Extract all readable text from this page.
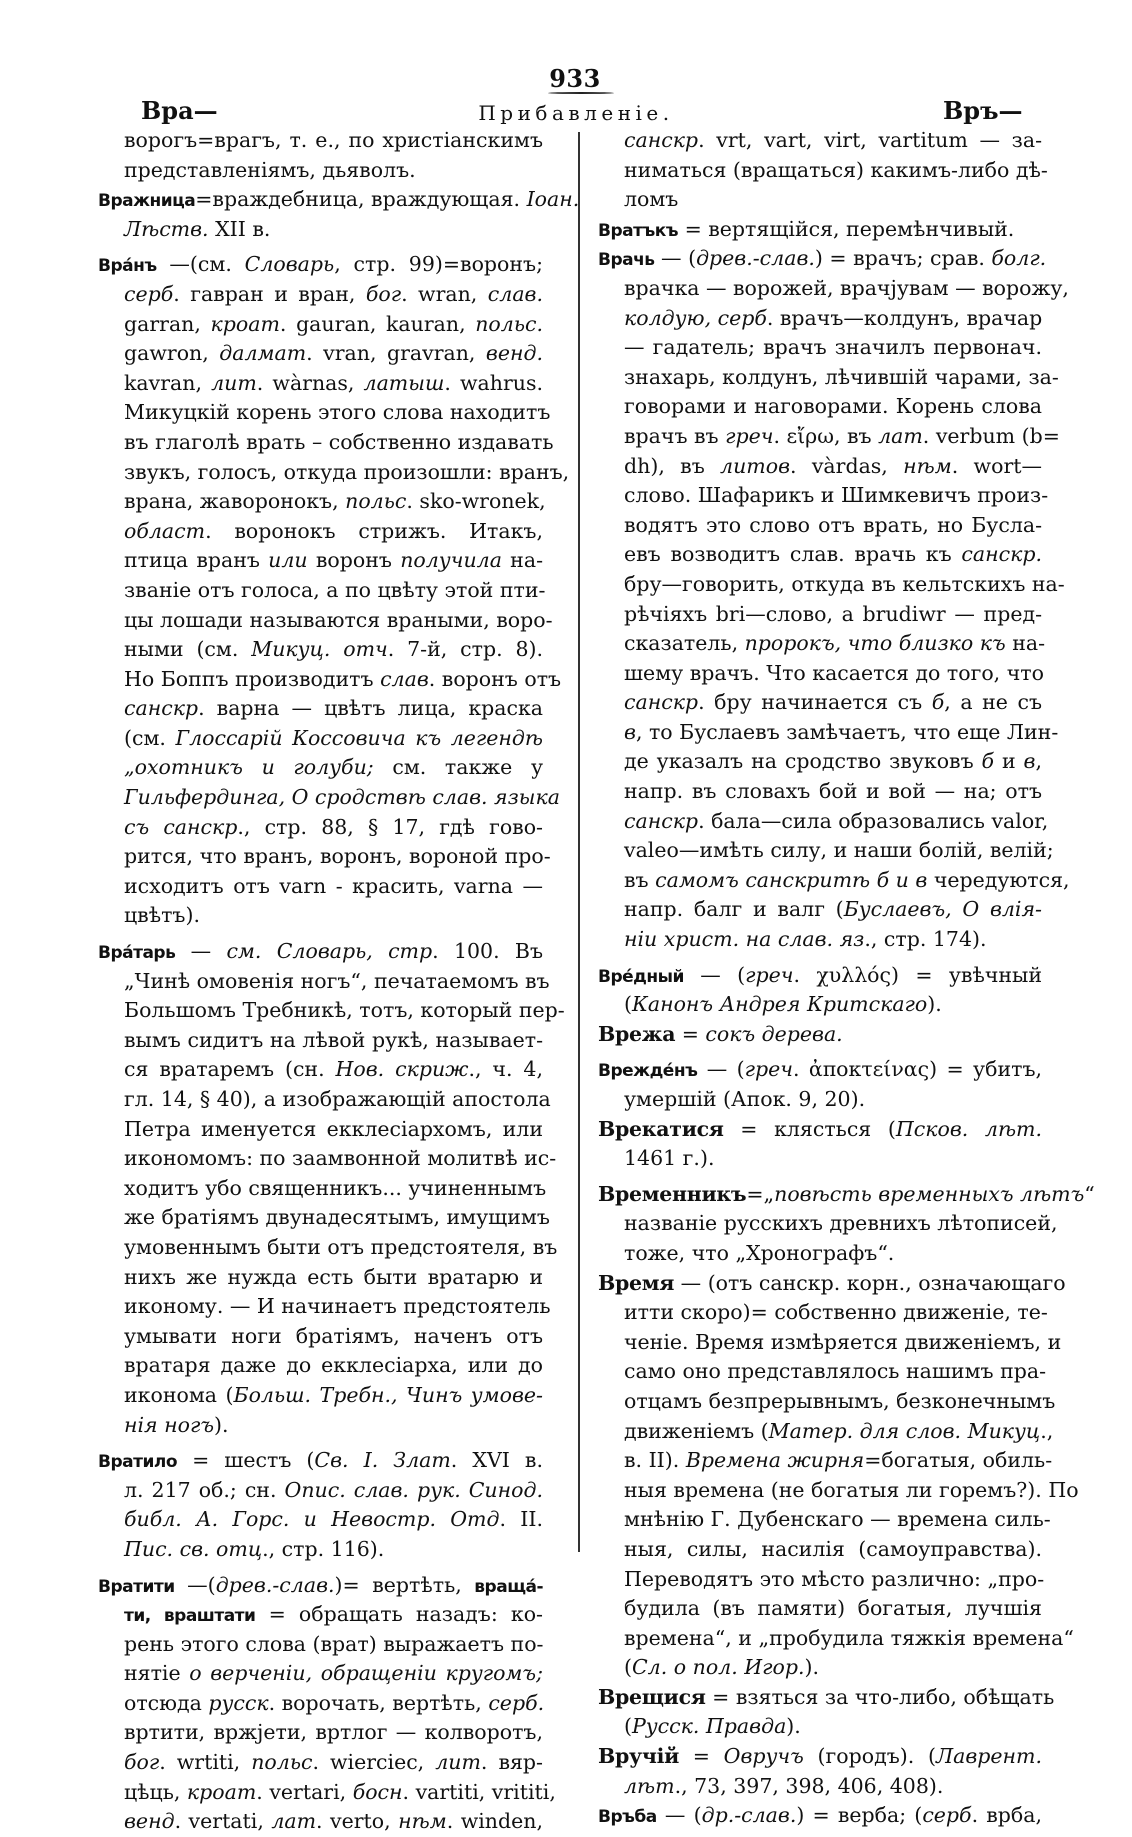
933
Вра—	Прибавленіе.	Връ—
ворогъ=врагъ, т. е., по христіанскимъ
представленіямъ, дьяволъ.
Вражница=враждебница, враждующая. Іоан.
Лѣств. XII в.
Вра́нъ —(см. Словарь, стр. 99)=воронъ;
серб. гавран и вран, бог. wran, слав.
garran, кроат. gauran, kauran, польс.
gawron, далмат. vran, gravran, венд.
kavran, лит. wàrnas, латыш. wahrus.
Микуцкій корень этого слова находитъ
въ глаголѣ врать – собственно издавать
звукъ, голосъ, откуда произошли: вранъ,
врана, жаворонокъ, польс. sko-wronek,
област. воронокъ стрижъ. Итакъ,
птица вранъ или воронъ получила на-
званіе отъ голоса, а по цвѣту этой пти-
цы лошади называются враными, воро-
ными (см. Микуц. отч. 7-й, стр. 8).
Но Боппъ производитъ слав. воронъ отъ
санскр. варна — цвѣтъ лица, краска
(см. Глоссарій Коссовича къ легендѣ
„охотникъ и голуби; см. также у
Гильфердинга, О сродствѣ слав. языка
съ санскр., стр. 88, § 17, гдѣ гово-
рится, что вранъ, воронъ, вороной про-
исходитъ отъ varn - красить, varna —
цвѣтъ).
Вра́тарь — см. Словарь, стр. 100. Въ
„Чинѣ омовенія ногъ“, печатаемомъ въ
Большомъ Требникѣ, тотъ, который пер-
вымъ сидитъ на лѣвой рукѣ, называет-
ся вратаремъ (сн. Нов. скриж., ч. 4,
гл. 14, § 40), а изображающій апостола
Петра именуется екклесіархомъ, или
икономомъ: по заамвонной молитвѣ ис-
ходитъ убо священникъ... учиненнымъ
же братіямъ двунадесятымъ, имущимъ
умовеннымъ быти отъ предстоятеля, въ
нихъ же нужда есть быти вратарю и
иконому. — И начинаетъ предстоятель
умывати ноги братіямъ, наченъ отъ
вратаря даже до екклесіарха, или до
иконома (Больш. Требн., Чинъ умове-
нія ногъ).
Вратило = шестъ (Св. І. Злат. XVI в.
л. 217 об.; сн. Опис. слав. рук. Синод.
библ. А. Горс. и Невостр. Отд. II.
Пис. св. отц., стр. 116).
Вратити —(древ.-слав.)= вертѣть, враща́-
ти, враштати = обращать назадъ: ко-
рень этого слова (врат) выражаетъ по-
нятіе о верченіи, обращеніи кругомъ;
отсюда русск. ворочать, вертѣть, серб.
вртити, вржjети, вртлог — колворотъ,
бог. wrtiti, польс. wierciec, лит. вяр-
цѣць, кроат. vertari, босн. vartiti, vrititi,
венд. vertati, лат. verto, нѣм. winden,
санскр. vrt, vart, virt, vartitum — за-
ниматься (вращаться) какимъ-либо дѣ-
ломъ
Вратъкъ = вертящійся, перемѣнчивый.
Врачь — (древ.-слав.) = врачъ; срав. болг.
врачка — ворожей, врачjувам — ворожу,
колдую, серб. врачъ—колдунъ, врачар
— гадатель; врачъ значилъ первонач.
знахарь, колдунъ, лѣчившій чарами, за-
говорами и наговорами. Корень слова
врачъ въ греч. εἴρω, въ лат. verbum (b=
dh), въ литов. vàrdas, нѣм. wort—
слово. Шафарикъ и Шимкевичъ произ-
водятъ это слово отъ врать, но Бусла-
евъ возводитъ слав. врачь къ санскр.
бру—говорить, откуда въ кельтскихъ на-
рѣчіяхъ bri—слово, а brudiwr — пред-
сказатель, пророкъ, что близко къ на-
шему врачъ. Что касается до того, что
санскр. бру начинается съ б, а не съ
в, то Буслаевъ замѣчаетъ, что еще Лин-
де указалъ на сродство звуковъ б и в,
напр. въ словахъ бой и вой — на; отъ
санскр. бала—сила образовались valor,
valeo—имѣть силу, и наши болій, велій;
въ самомъ санскритѣ б и в чередуются,
напр. балг и валг (Буслаевъ, О влія-
ніи христ. на слав. яз., стр. 174).
Вре́дный — (греч. χυλλός) = увѣчный
(Канонъ Андрея Критскаго).
Врежа = сокъ дерева.
Врежде́нъ — (греч. ἀποκτείνας) = убитъ,
умершій (Апок. 9, 20).
Врекатися = клясться (Псков. лѣт.
1461 г.).
Временникъ=„повѣсть временныхъ лѣтъ“
названіе русскихъ древнихъ лѣтописей,
тоже, что „Хронографъ“.
Время — (отъ санскр. корн., означающаго
итти скоро)= собственно движеніе, те-
ченіе. Время измѣряется движеніемъ, и
само оно представлялось нашимъ пра-
отцамъ безпрерывнымъ, безконечнымъ
движеніемъ (Матер. для слов. Микуц.,
в. II). Времена жирня=богатыя, обиль-
ныя времена (не богатыя ли горемъ?). По
мнѣнію Г. Дубенскаго — времена силь-
ныя, силы, насилія (самоуправства).
Переводятъ это мѣсто различно: „про-
будила (въ памяти) богатыя, лучшія
времена“, и „пробудила тяжкія времена“
(Сл. о пол. Игор.).
Врещися = взяться за что-либо, обѣщать
(Русск. Правда).
Вручій = Овручъ (городъ). (Лаврент.
лѣт., 73, 397, 398, 406, 408).
Връба — (др.-слав.) = верба; (серб. врба,
